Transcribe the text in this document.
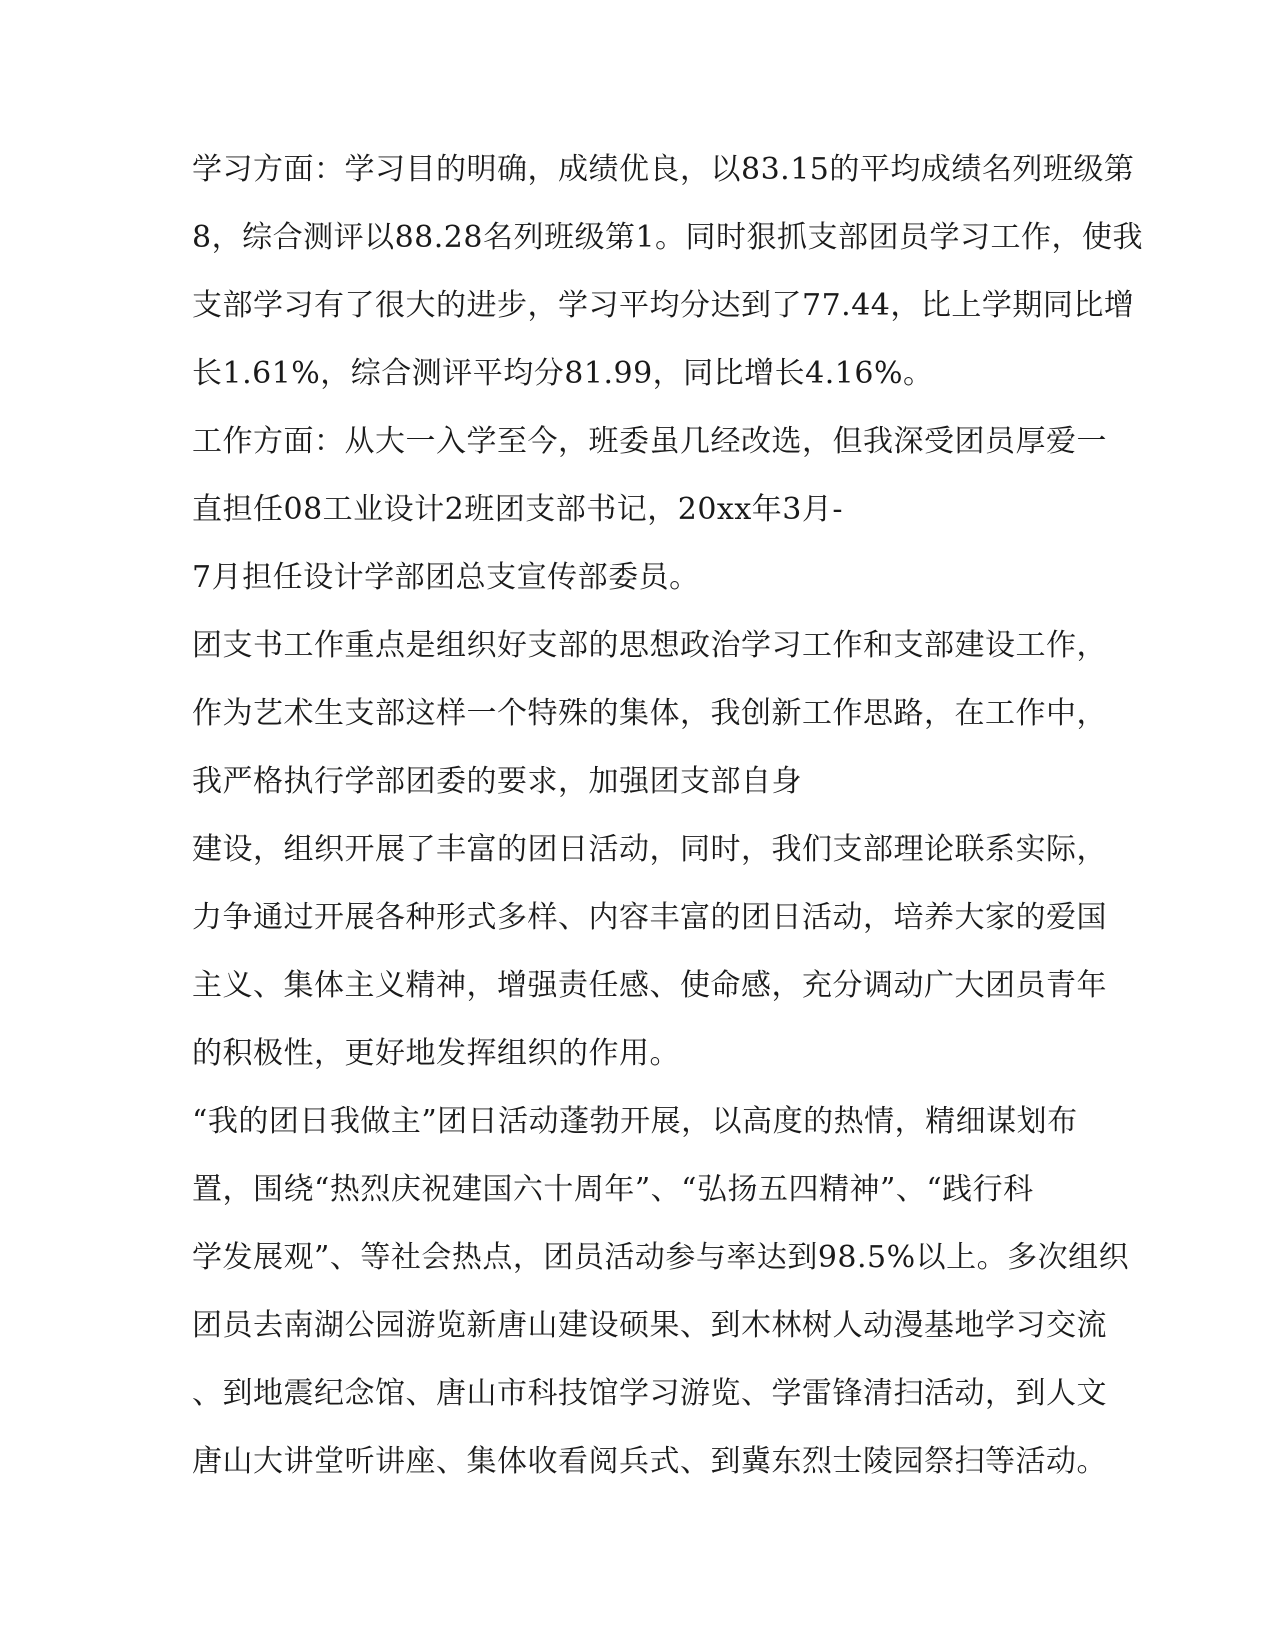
学习方面：学习目的明确，成绩优良，以83.15的平均成绩名列班级第
8，综合测评以88.28名列班级第1。同时狠抓支部团员学习工作，使我
支部学习有了很大的进步，学习平均分达到了77.44，比上学期同比增
长1.61%，综合测评平均分81.99，同比增长4.16%。
工作方面：从大一入学至今，班委虽几经改选，但我深受团员厚爱一
直担任08工业设计2班团支部书记，20xx年3月-
7月担任设计学部团总支宣传部委员。
团支书工作重点是组织好支部的思想政治学习工作和支部建设工作，
作为艺术生支部这样一个特殊的集体，我创新工作思路，在工作中，
我严格执行学部团委的要求，加强团支部自身
建设，组织开展了丰富的团日活动，同时，我们支部理论联系实际，
力争通过开展各种形式多样、内容丰富的团日活动，培养大家的爱国
主义、集体主义精神，增强责任感、使命感，充分调动广大团员青年
的积极性，更好地发挥组织的作用。
“我的团日我做主”团日活动蓬勃开展，以高度的热情，精细谋划布
置，围绕“热烈庆祝建国六十周年”、“弘扬五四精神”、“践行科
学发展观”、等社会热点，团员活动参与率达到98.5%以上。多次组织
团员去南湖公园游览新唐山建设硕果、到木林树人动漫基地学习交流
、到地震纪念馆、唐山市科技馆学习游览、学雷锋清扫活动，到人文
唐山大讲堂听讲座、集体收看阅兵式、到冀东烈士陵园祭扫等活动。
